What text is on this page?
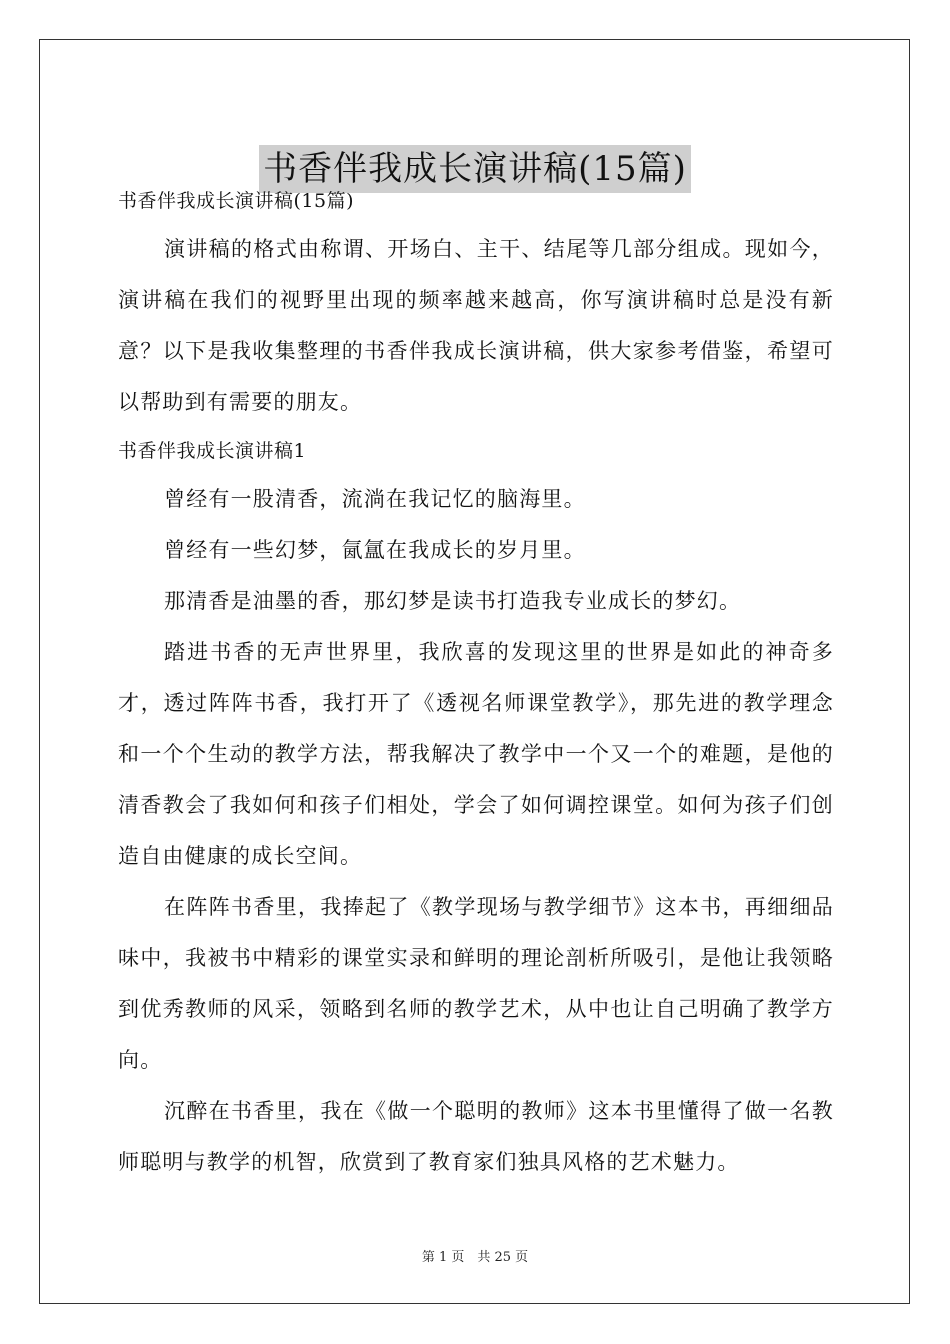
书香伴我成长演讲稿(15篇)

书香伴我成长演讲稿(15篇)

演讲稿的格式由称谓、开场白、主干、结尾等几部分组成。现如今，演讲稿在我们的视野里出现的频率越来越高，你写演讲稿时总是没有新意？以下是我收集整理的书香伴我成长演讲稿，供大家参考借鉴，希望可以帮助到有需要的朋友。

书香伴我成长演讲稿1

曾经有一股清香，流淌在我记忆的脑海里。

曾经有一些幻梦，氤氲在我成长的岁月里。

那清香是油墨的香，那幻梦是读书打造我专业成长的梦幻。

踏进书香的无声世界里，我欣喜的发现这里的世界是如此的神奇多才，透过阵阵书香，我打开了《透视名师课堂教学》，那先进的教学理念和一个个生动的教学方法，帮我解决了教学中一个又一个的难题，是他的清香教会了我如何和孩子们相处，学会了如何调控课堂。如何为孩子们创造自由健康的成长空间。

在阵阵书香里，我捧起了《教学现场与教学细节》这本书，再细细品味中，我被书中精彩的课堂实录和鲜明的理论剖析所吸引，是他让我领略到优秀教师的风采，领略到名师的教学艺术，从中也让自己明确了教学方向。

沉醉在书香里，我在《做一个聪明的教师》这本书里懂得了做一名教师聪明与教学的机智，欣赏到了教育家们独具风格的艺术魅力。

第 1 页　共 25 页
